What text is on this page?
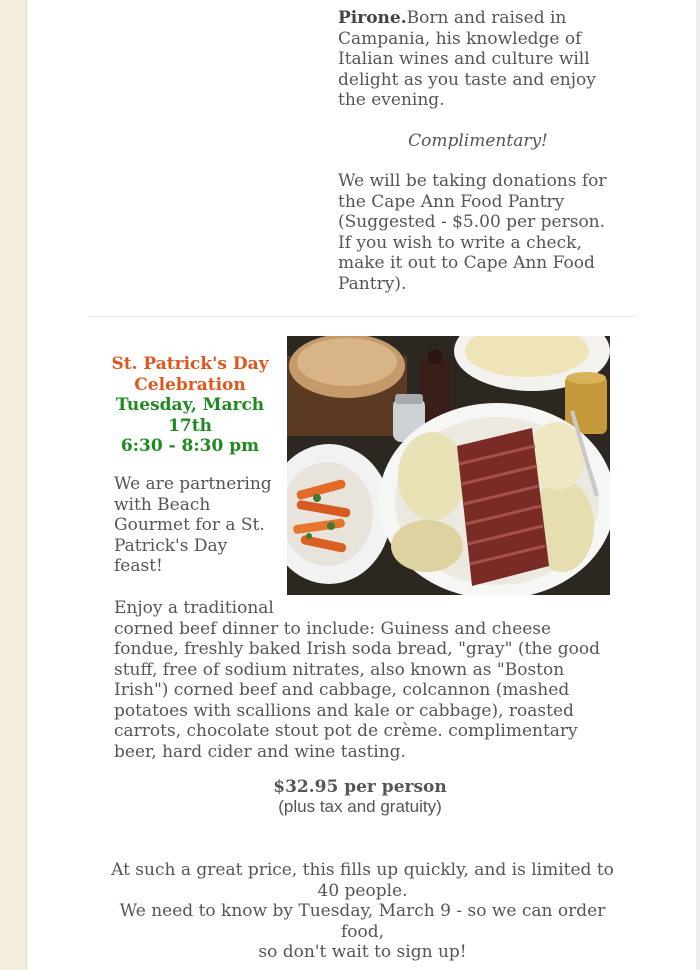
Pirone.Born and raised in Campania, his knowledge of Italian wines and culture will delight as you taste and enjoy the evening.
Complimentary!
We will be taking donations for the Cape Ann Food Pantry (Suggested - $5.00 per person. If you wish to write a check, make it out to Cape Ann Food Pantry).
St. Patrick's Day Celebration
Tuesday, March 17th
6:30 - 8:30 pm
We are partnering with Beach Gourmet for a St. Patrick's Day feast!
Enjoy a traditional
corned beef dinner to include: Guiness and cheese fondue, freshly baked Irish soda bread, "gray" (the good stuff, free of sodium nitrates, also known as "Boston Irish") corned beef and cabbage, colcannon (mashed potatoes with scallions and kale or cabbage), roasted carrots, chocolate stout pot de crème. complimentary beer, hard cider and wine tasting.
$32.95 per person
(plus tax and gratuity)
At such a great price, this fills up quickly, and is limited to 40 people.
We need to know by Tuesday, March 9 - so we can order food,
so don't wait to sign up!
